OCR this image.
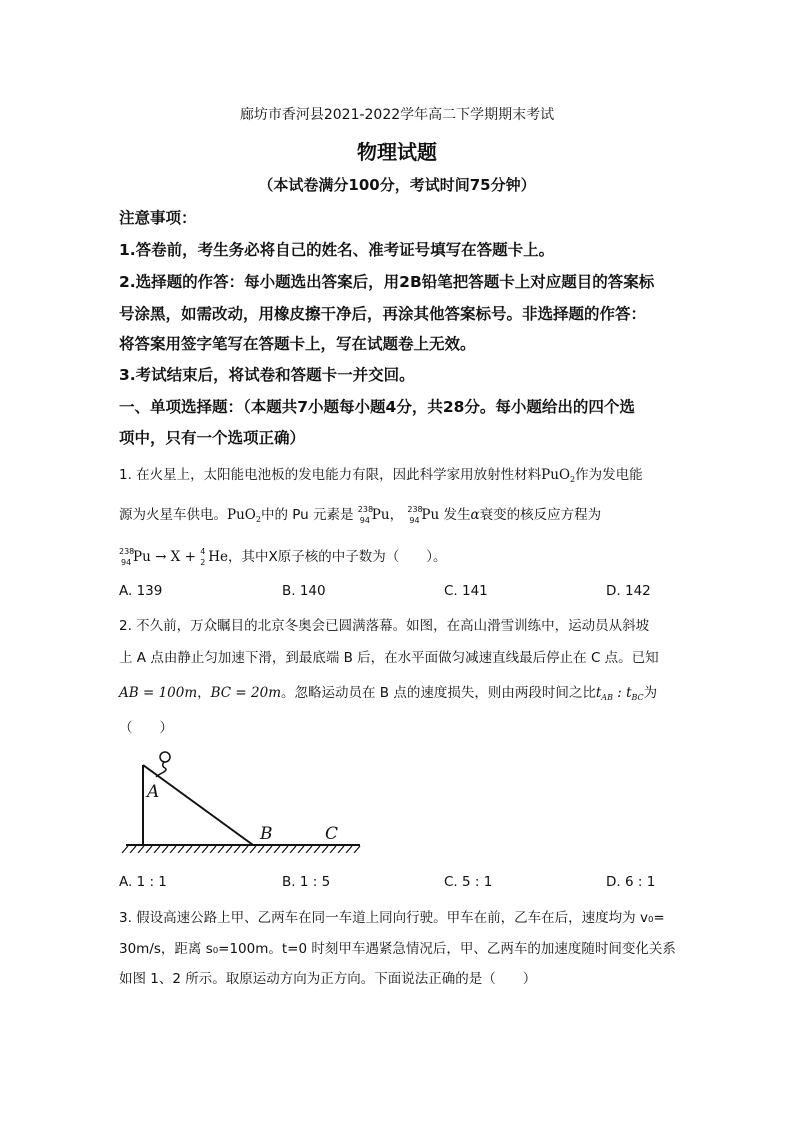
廊坊市香河县2021-2022学年高二下学期期末考试
物理试题
（本试卷满分100分，考试时间75分钟）
注意事项：
1.答卷前，考生务必将自己的姓名、准考证号填写在答题卡上。
2.选择题的作答：每小题选出答案后，用2B铅笔把答题卡上对应题目的答案标
号涂黑，如需改动，用橡皮擦干净后，再涂其他答案标号。非选择题的作答：
将答案用签字笔写在答题卡上，写在试题卷上无效。
3.考试结束后，将试卷和答题卡一并交回。
一、单项选择题：（本题共7小题每小题4分，共28分。每小题给出的四个选
项中，只有一个选项正确）
1. 在火星上，太阳能电池板的发电能力有限，因此科学家用放射性材料PuO$_2$作为发电能
源为火星车供电。PuO$_2$中的 Pu 元素是 238
94 Pu， 238
94 Pu 发生α衰变的核反应方程为
238
94 Pu → X + 4
2 He，其中X原子核的中子数为（　　）。
A. 139	B. 140	C. 141	D. 142
2. 不久前，万众瞩目的北京冬奥会已圆满落幕。如图，在高山滑雪训练中，运动员从斜坡
上 A 点由静止匀加速下滑，到最底端 B 后，在水平面做匀减速直线最后停止在 C 点。已知
AB = 100m，BC = 20m。忽略运动员在 B 点的速度损失，则由两段时间之比$t_{AB}$ : $t_{BC}$为
（　　）
A
B	C
A. 1 : 1	B. 1 : 5	C. 5 : 1	D. 6 : 1
3. 假设高速公路上甲、乙两车在同一车道上同向行驶。甲车在前，乙车在后，速度均为 v₀=
30m/s，距离 s₀=100m。t=0 时刻甲车遇紧急情况后，甲、乙两车的加速度随时间变化关系
如图 1、2 所示。取原运动方向为正方向。下面说法正确的是（　　）
